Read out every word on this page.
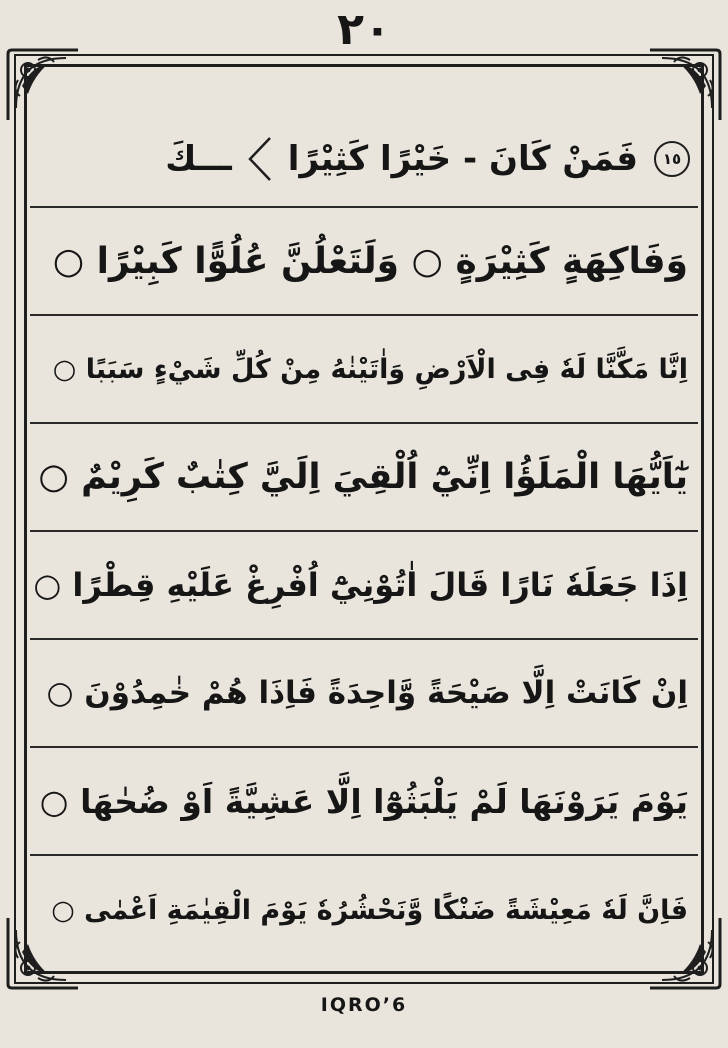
٢٠
١٥
فَمَنْ كَانَ - خَيْرًا كَثِيْرًا
ـــكَ
وَفَاكِهَةٍ كَثِيْرَةٍ ○ وَلَتَعْلُنَّ عُلُوًّا كَبِيْرًا ○
اِنَّا مَكَّنَّا لَهٗ فِى الْاَرْضِ وَاٰتَيْنٰهُ مِنْ كُلِّ شَيْءٍ سَبَبًا ○
يٰٓاَيُّهَا الْمَلَؤُا اِنِّيْٓ اُلْقِيَ اِلَيَّ كِتٰبٌ كَرِيْمٌ ○
اِذَا جَعَلَهٗ نَارًا قَالَ اٰتُوْنِيْٓ اُفْرِغْ عَلَيْهِ قِطْرًا ○
اِنْ كَانَتْ اِلَّا صَيْحَةً وَّاحِدَةً فَاِذَا هُمْ خٰمِدُوْنَ ○
يَوْمَ يَرَوْنَهَا لَمْ يَلْبَثُوْٓا اِلَّا عَشِيَّةً اَوْ ضُحٰهَا ○
فَاِنَّ لَهٗ مَعِيْشَةً ضَنْكًا وَّنَحْشُرُهٗ يَوْمَ الْقِيٰمَةِ اَعْمٰى ○
IQRO’6
